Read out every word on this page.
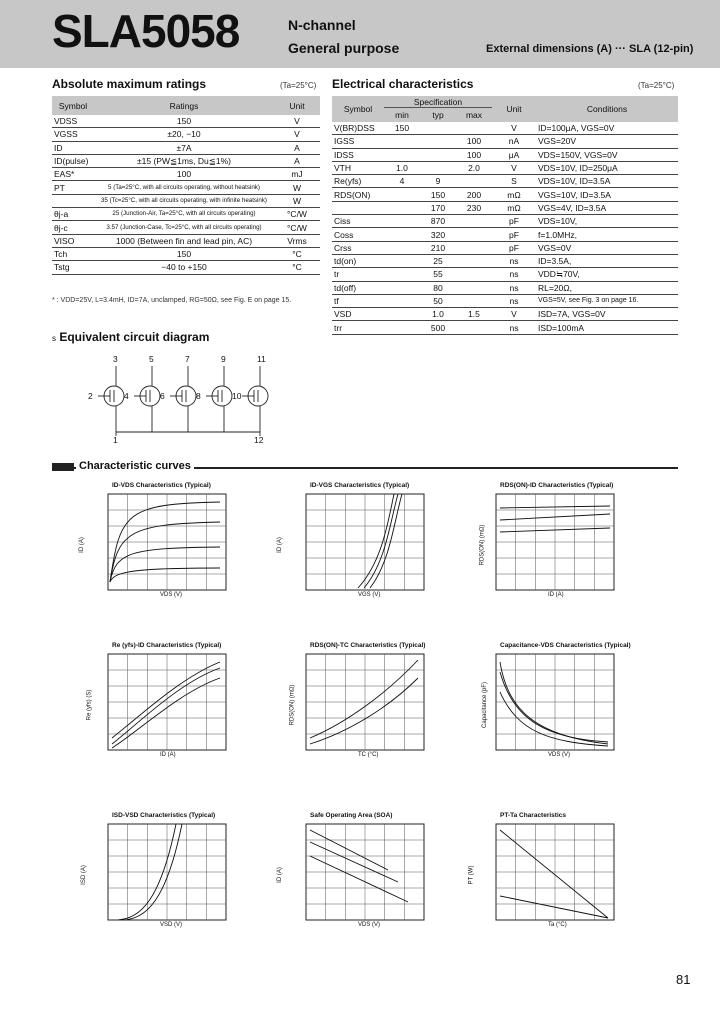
SLA5058	N-channel
General purpose	External dimensions (A) ··· SLA (12-pin)
Absolute maximum ratings	(Ta=25°C)
Symbol	Ratings	Unit
VDSS	150	V
VGSS	±20, −10	V
ID	±7A	A
ID(pulse)	±15 (PW≦1ms, Du≦1%)	A
EAS*	100	mJ
PT	5 (Ta=25°C, with all circuits operating, without heatsink)	W
	35 (Tc=25°C, with all circuits operating, with infinite heatsink)	W
θj-a	25 (Junction-Air, Ta=25°C, with all circuits operating)	°C/W
θj-c	3.57 (Junction-Case, Tc=25°C, with all circuits operating)	°C/W
VISO	1000 (Between fin and lead pin, AC)	Vrms
Tch	150	°C
Tstg	−40 to +150	°C
* : VDD=25V, L=3.4mH, ID=7A, unclamped, RG=50Ω, see Fig. E on page 15.
Electrical characteristics	(Ta=25°C)
Symbol	Specification			Unit	Conditions
	min	typ	max		
V(BR)DSS	150			V	ID=100μA, VGS=0V
IGSS			100	nA	VGS=20V
IDSS			100	μA	VDS=150V, VGS=0V
VTH	1.0		2.0	V	VDS=10V, ID=250μA
Re(yfs)	4	9		S	VDS=10V, ID=3.5A
RDS(ON)		150	200	mΩ	VGS=10V, ID=3.5A
		170	230	mΩ	VGS=4V, ID=3.5A
Ciss		870		pF	VDS=10V,
Coss		320		pF	f=1.0MHz,
Crss		210		pF	VGS=0V
td(on)		25		ns	ID=3.5A,
tr		55		ns	VDD≒70V,
td(off)		80		ns	RL=20Ω,
tf		50		ns	VGS=5V, see Fig. 3 on page 16.
VSD		1.0	1.5	V	ISD=7A, VGS=0V
trr		500		ns	ISD=100mA
s Equivalent circuit diagram
3
2
5
4
7
6
9
8
11
10
1	12
Characteristic curves
ID-VDS Characteristics (Typical)
VDS (V)
ID (A)
ID-VGS Characteristics (Typical)
VGS (V)
ID (A)
RDS(ON)-ID Characteristics (Typical)
ID (A)
RDS(ON) (mΩ)
Re (yfs)-ID Characteristics (Typical)
ID (A)
Re (yfs) (S)
RDS(ON)-TC Characteristics (Typical)
TC (°C)
RDS(ON) (mΩ)
Capacitance-VDS Characteristics (Typical)
VDS (V)
Capacitance (pF)
ISD-VSD Characteristics (Typical)
VSD (V)
ISD (A)
Safe Operating Area (SOA)
VDS (V)
ID (A)
PT-Ta Characteristics
Ta (°C)
PT (W)
81
